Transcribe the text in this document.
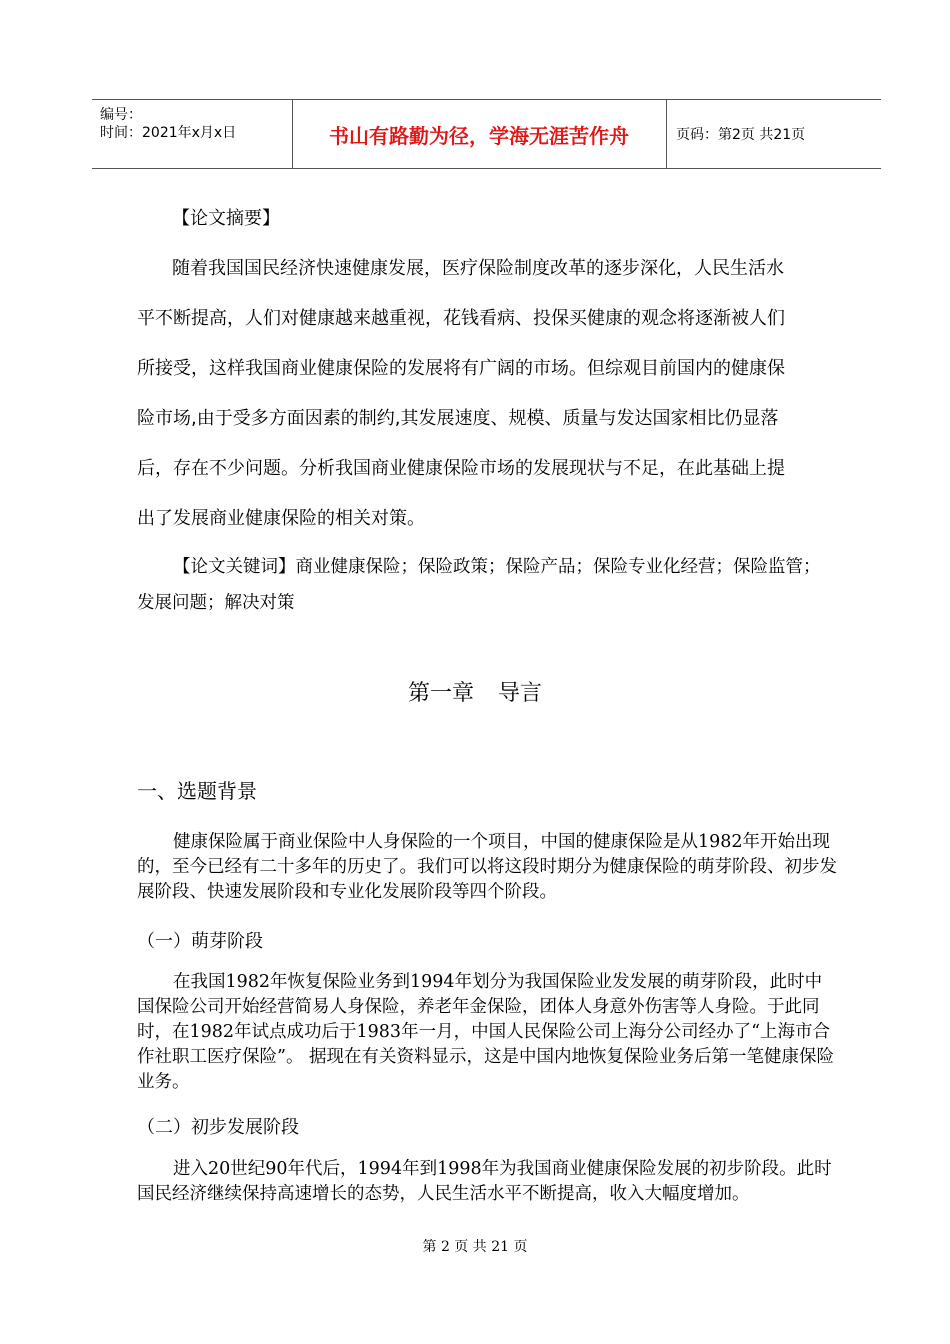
编号：
时间：2021年x月x日	书山有路勤为径，学海无涯苦作舟	页码：第2页 共21页
【论文摘要】
随着我国国民经济快速健康发展，医疗保险制度改革的逐步深化，人民生活水
平不断提高，人们对健康越来越重视，花钱看病、投保买健康的观念将逐渐被人们
所接受，这样我国商业健康保险的发展将有广阔的市场。但综观目前国内的健康保
险市场,由于受多方面因素的制约,其发展速度、规模、质量与发达国家相比仍显落
后，存在不少问题。分析我国商业健康保险市场的发展现状与不足，在此基础上提
出了发展商业健康保险的相关对策。
【论文关键词】商业健康保险；保险政策；保险产品；保险专业化经营；保险监管；发展问题；解决对策
第一章 导言
一、选题背景
健康保险属于商业保险中人身保险的一个项目，中国的健康保险是从1982年开始出现的，至今已经有二十多年的历史了。我们可以将这段时期分为健康保险的萌芽阶段、初步发展阶段、快速发展阶段和专业化发展阶段等四个阶段。
（一）萌芽阶段
在我国1982年恢复保险业务到1994年划分为我国保险业发发展的萌芽阶段，此时中国保险公司开始经营简易人身保险，养老年金保险，团体人身意外伤害等人身险。于此同时，在1982年试点成功后于1983年一月，中国人民保险公司上海分公司经办了“上海市合作社职工医疗保险”。 据现在有关资料显示，这是中国内地恢复保险业务后第一笔健康保险业务。
（二）初步发展阶段
进入20世纪90年代后，1994年到1998年为我国商业健康保险发展的初步阶段。此时国民经济继续保持高速增长的态势，人民生活水平不断提高，收入大幅度增加。
第 2 页 共 21 页
